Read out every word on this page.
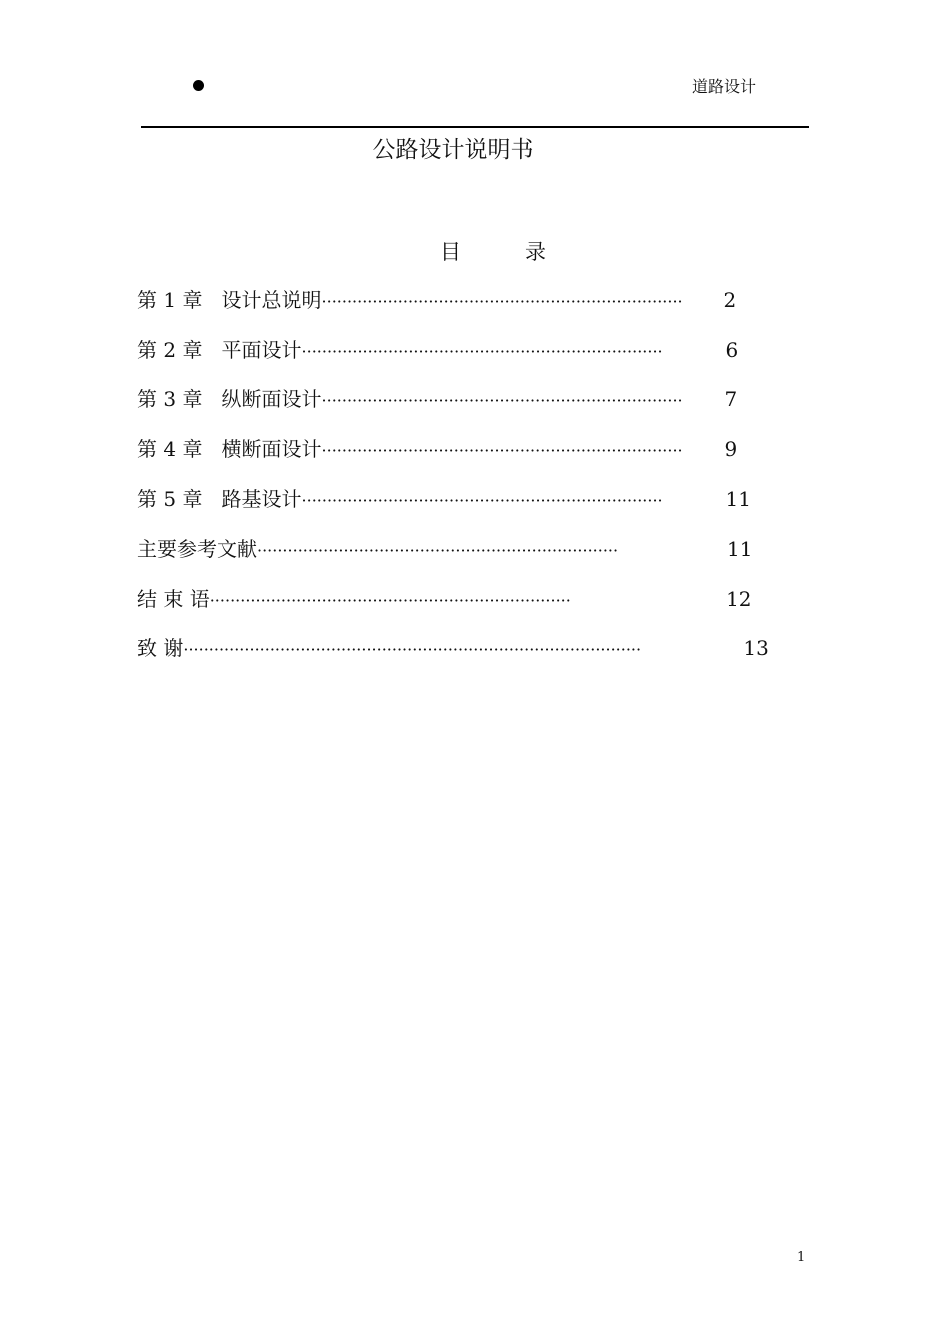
道路设计
公路设计说明书
目	录
第 1 章   设计总说明 ·······································································	2
第 2 章   平面设计 ·······································································	6
第 3 章   纵断面设计 ·······································································	7
第 4 章   横断面设计 ·······································································	9
第 5 章   路基设计 ·······································································	11
主要参考文献 ·······································································	11
结 束 语 ·······································································	12
致 谢 ··························································································	13
1
